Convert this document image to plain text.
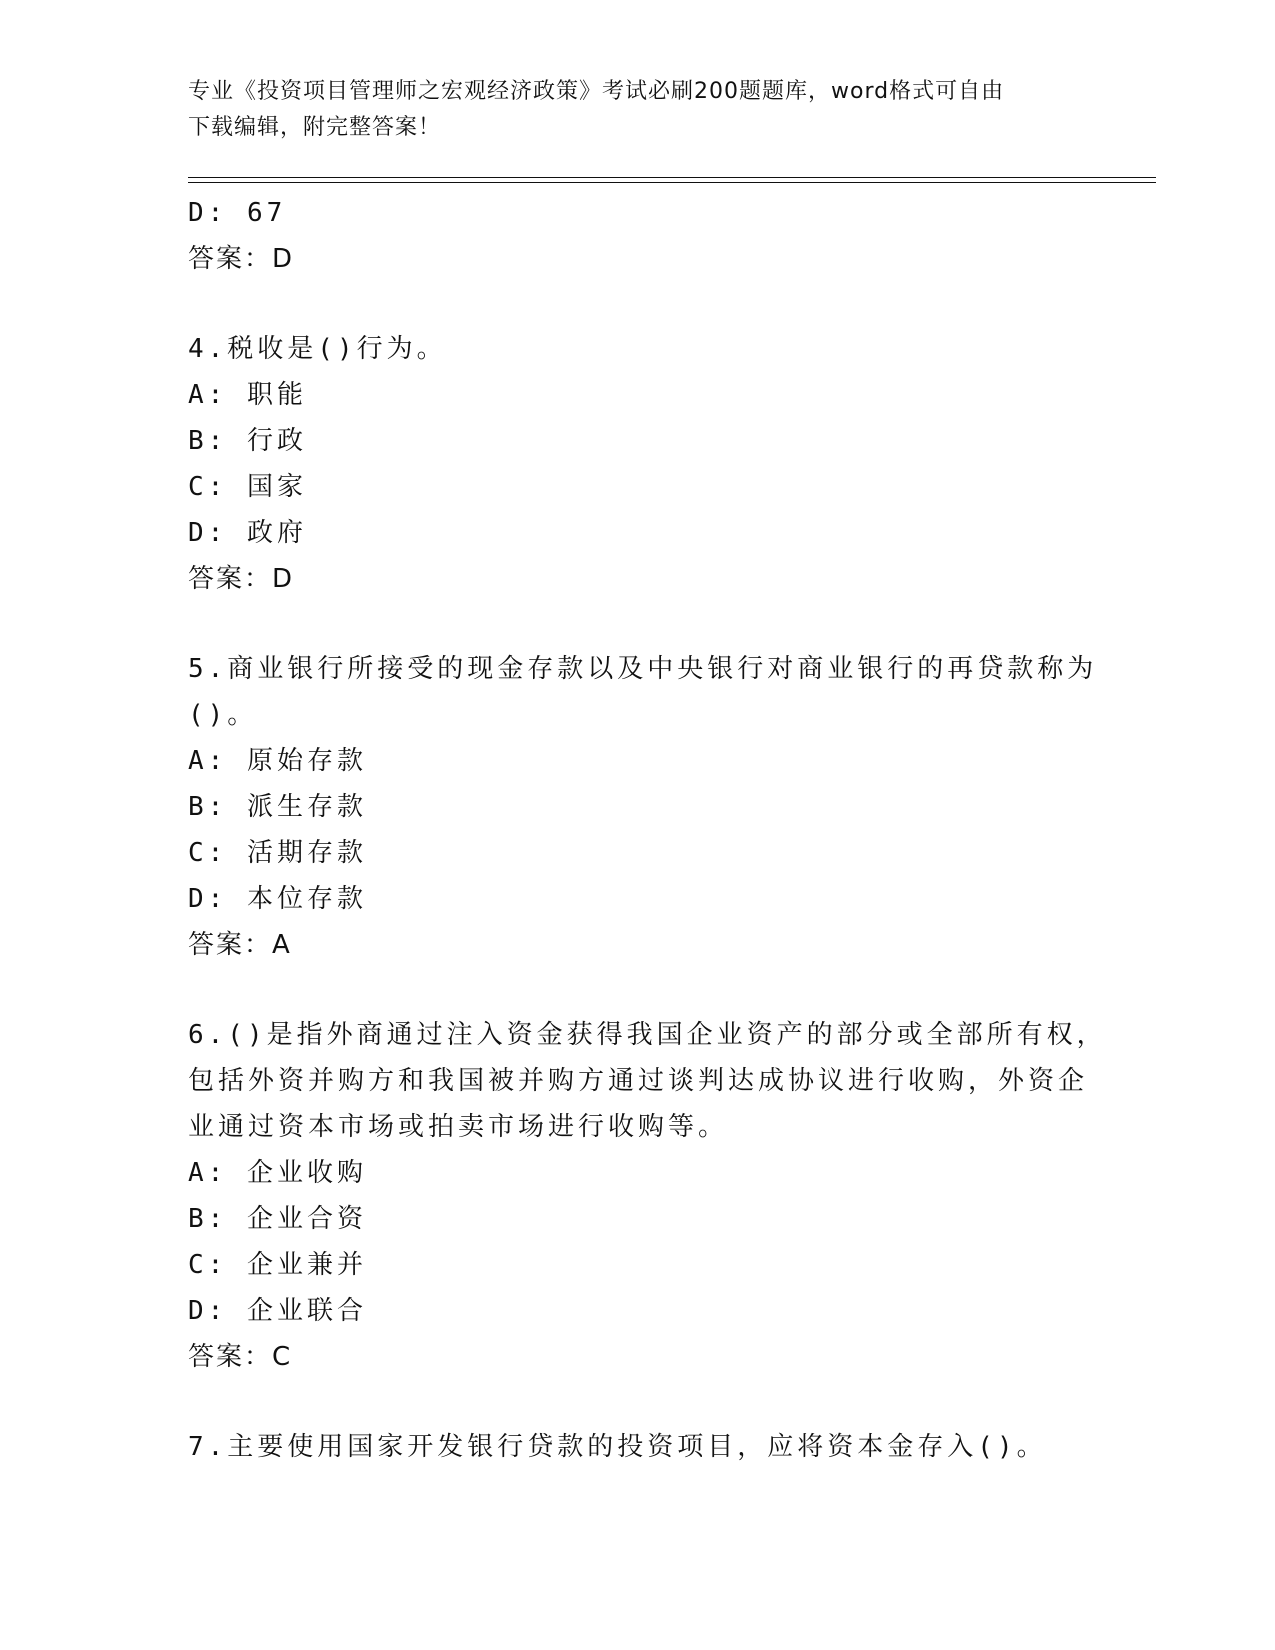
专业《投资项目管理师之宏观经济政策》考试必刷200题题库，word格式可自由
下载编辑，附完整答案！
D: 67
答案：D
4.税收是()行为。
A: 职能
B: 行政
C: 国家
D: 政府
答案：D
5.商业银行所接受的现金存款以及中央银行对商业银行的再贷款称为
()。
A: 原始存款
B: 派生存款
C: 活期存款
D: 本位存款
答案：A
6.()是指外商通过注入资金获得我国企业资产的部分或全部所有权，
包括外资并购方和我国被并购方通过谈判达成协议进行收购，外资企
业通过资本市场或拍卖市场进行收购等。
A: 企业收购
B: 企业合资
C: 企业兼并
D: 企业联合
答案：C
7.主要使用国家开发银行贷款的投资项目，应将资本金存入()。
